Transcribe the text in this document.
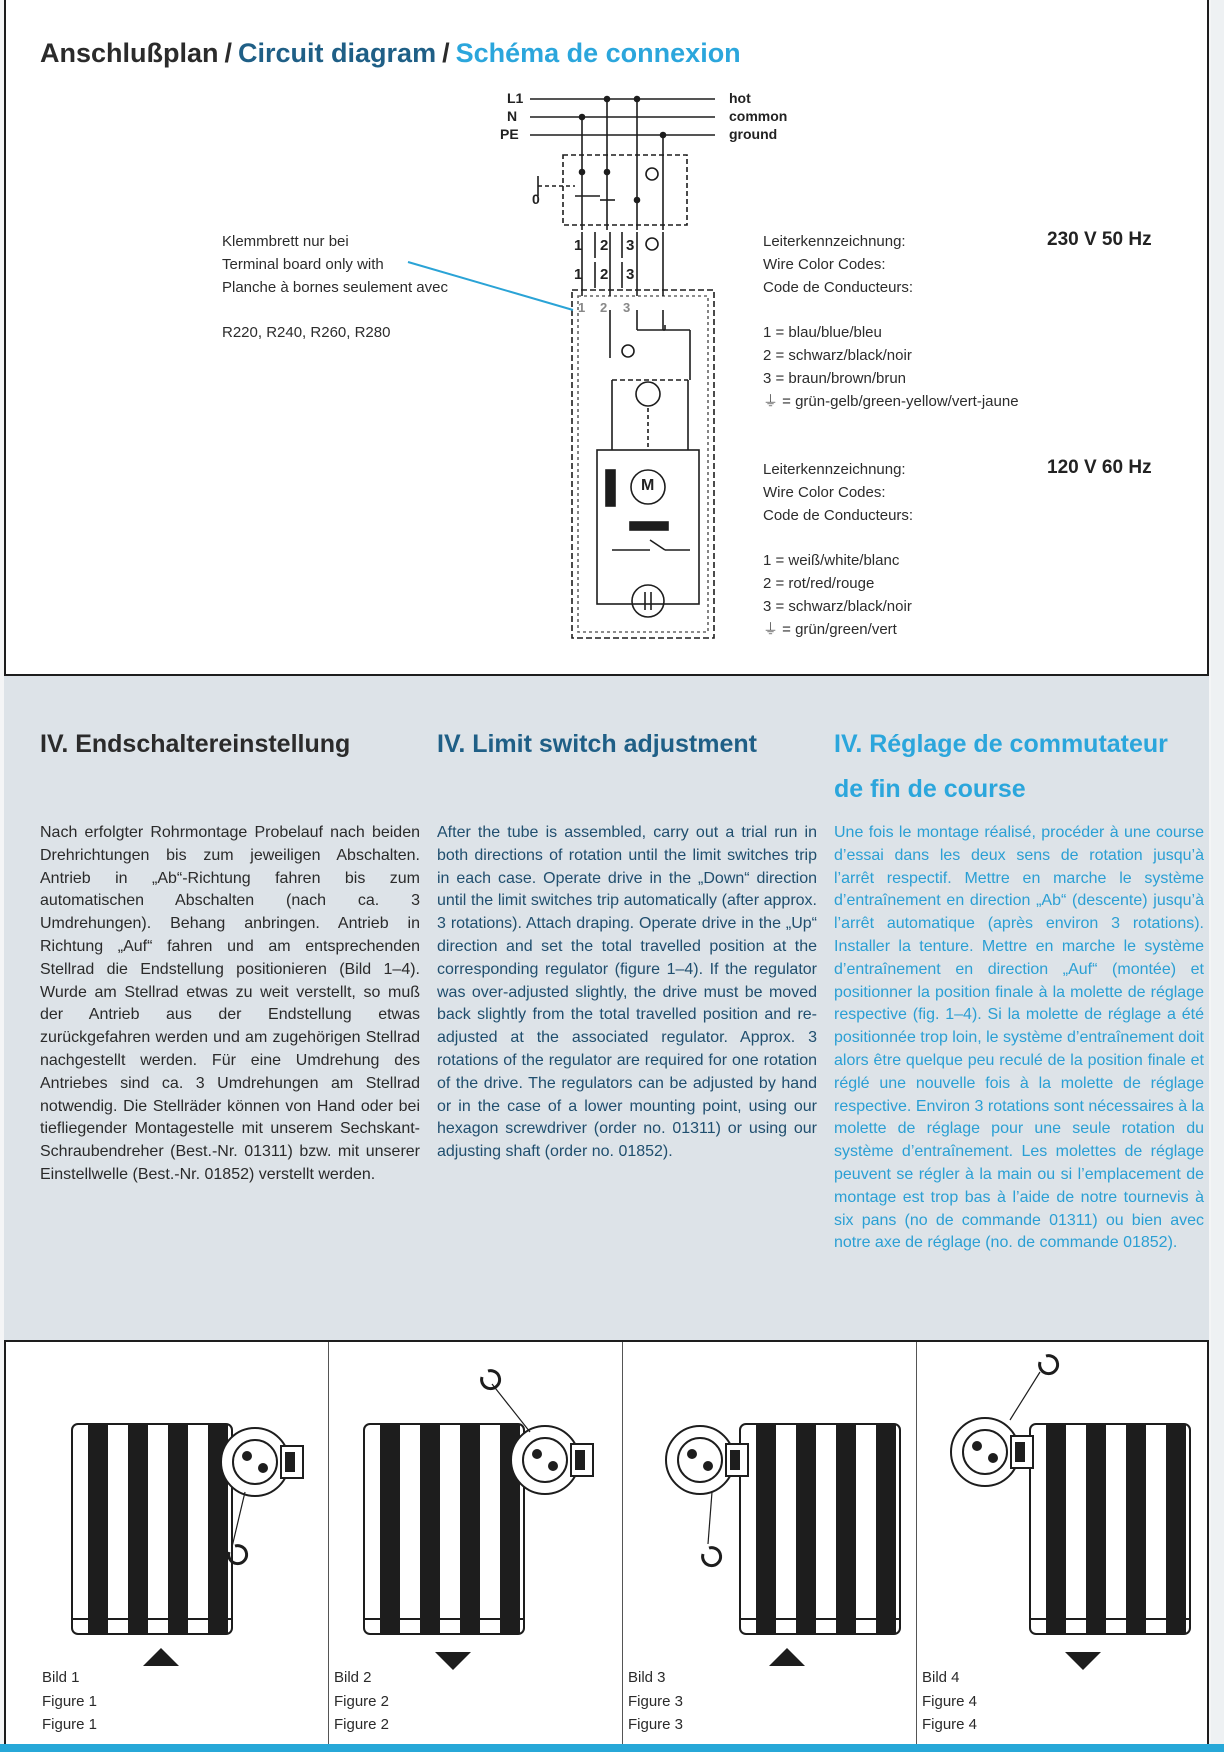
Anschlußplan / Circuit diagram / Schéma de connexion
L1
N
PE
hot
common
ground
0
1 2 3
1 2 3
1 2 3
M
Klemmbrett nur bei
Terminal board only with
Planche à bornes seulement avec
R220, R240, R260, R280
Leiterkennzeichnung:
Wire Color Codes:
Code de Conducteurs:
1 = blau/blue/bleu
2 = schwarz/black/noir
3 = braun/brown/brun
⏚ = grün-gelb/green-yellow/vert-jaune
230 V 50 Hz
Leiterkennzeichnung:
Wire Color Codes:
Code de Conducteurs:
1 = weiß/white/blanc
2 = rot/red/rouge
3 = schwarz/black/noir
⏚ = grün/green/vert
120 V 60 Hz
IV. Endschaltereinstellung	IV. Limit switch adjustment	IV. Réglage de commutateur
de fin de course
Nach erfolgter Rohrmontage Probelauf nach beiden Drehrichtungen bis zum jeweiligen Abschalten. Antrieb in „Ab“-Richtung fahren bis zum automatischen Abschalten (nach ca. 3 Umdrehungen). Behang anbringen. Antrieb in Richtung „Auf“ fahren und am entsprechenden Stellrad die Endstellung positionieren (Bild 1–4). Wurde am Stellrad etwas zu weit verstellt, so muß der Antrieb aus der Endstellung etwas zurückgefahren werden und am zugehörigen Stellrad nachgestellt werden. Für eine Umdrehung des Antriebes sind ca. 3 Umdrehungen am Stellrad notwendig. Die Stellräder können von Hand oder bei tiefliegender Montagestelle mit unserem Sechskant-Schraubendreher (Best.-Nr. 01311) bzw. mit unserer Einstellwelle (Best.-Nr. 01852) verstellt werden.
After the tube is assembled, carry out a trial run in both directions of rotation until the limit switches trip in each case. Operate drive in the „Down“ direction until the limit switches trip automatically (after approx. 3 rotations). Attach draping. Operate drive in the „Up“ direction and set the total travelled position at the corresponding regulator (figure 1–4). If the regulator was over-adjusted slightly, the drive must be moved back slightly from the total travelled position and re-adjusted at the associated regulator. Approx. 3 rotations of the regulator are required for one rotation of the drive. The regulators can be adjusted by hand or in the case of a lower mounting point, using our hexagon screwdriver (order no. 01311) or using our adjusting shaft (order no. 01852).
Une fois le montage réalisé, procéder à une course d’essai dans les deux sens de rotation jusqu’à l’arrêt respectif. Mettre en marche le système d’entraînement en direction „Ab“ (descente) jusqu’à l’arrêt automatique (après environ 3 rotations). Installer la tenture. Mettre en marche le système d’entraînement en direction „Auf“ (montée) et positionner la position finale à la molette de réglage respective (fig. 1–4). Si la molette de réglage a été positionnée trop loin, le système d’entraînement doit alors être quelque peu reculé de la position finale et réglé une nouvelle fois à la molette de réglage respective. Environ 3 rotations sont nécessaires à la molette de réglage pour une seule rotation du système d’entraînement. Les molettes de réglage peuvent se régler à la main ou si l’emplacement de montage est trop bas à l’aide de notre tournevis à six pans (no de commande 01311) ou bien avec notre axe de réglage (no. de commande 01852).
Bild 1
Figure 1
Figure 1
Bild 2
Figure 2
Figure 2
Bild 3
Figure 3
Figure 3
Bild 4
Figure 4
Figure 4
